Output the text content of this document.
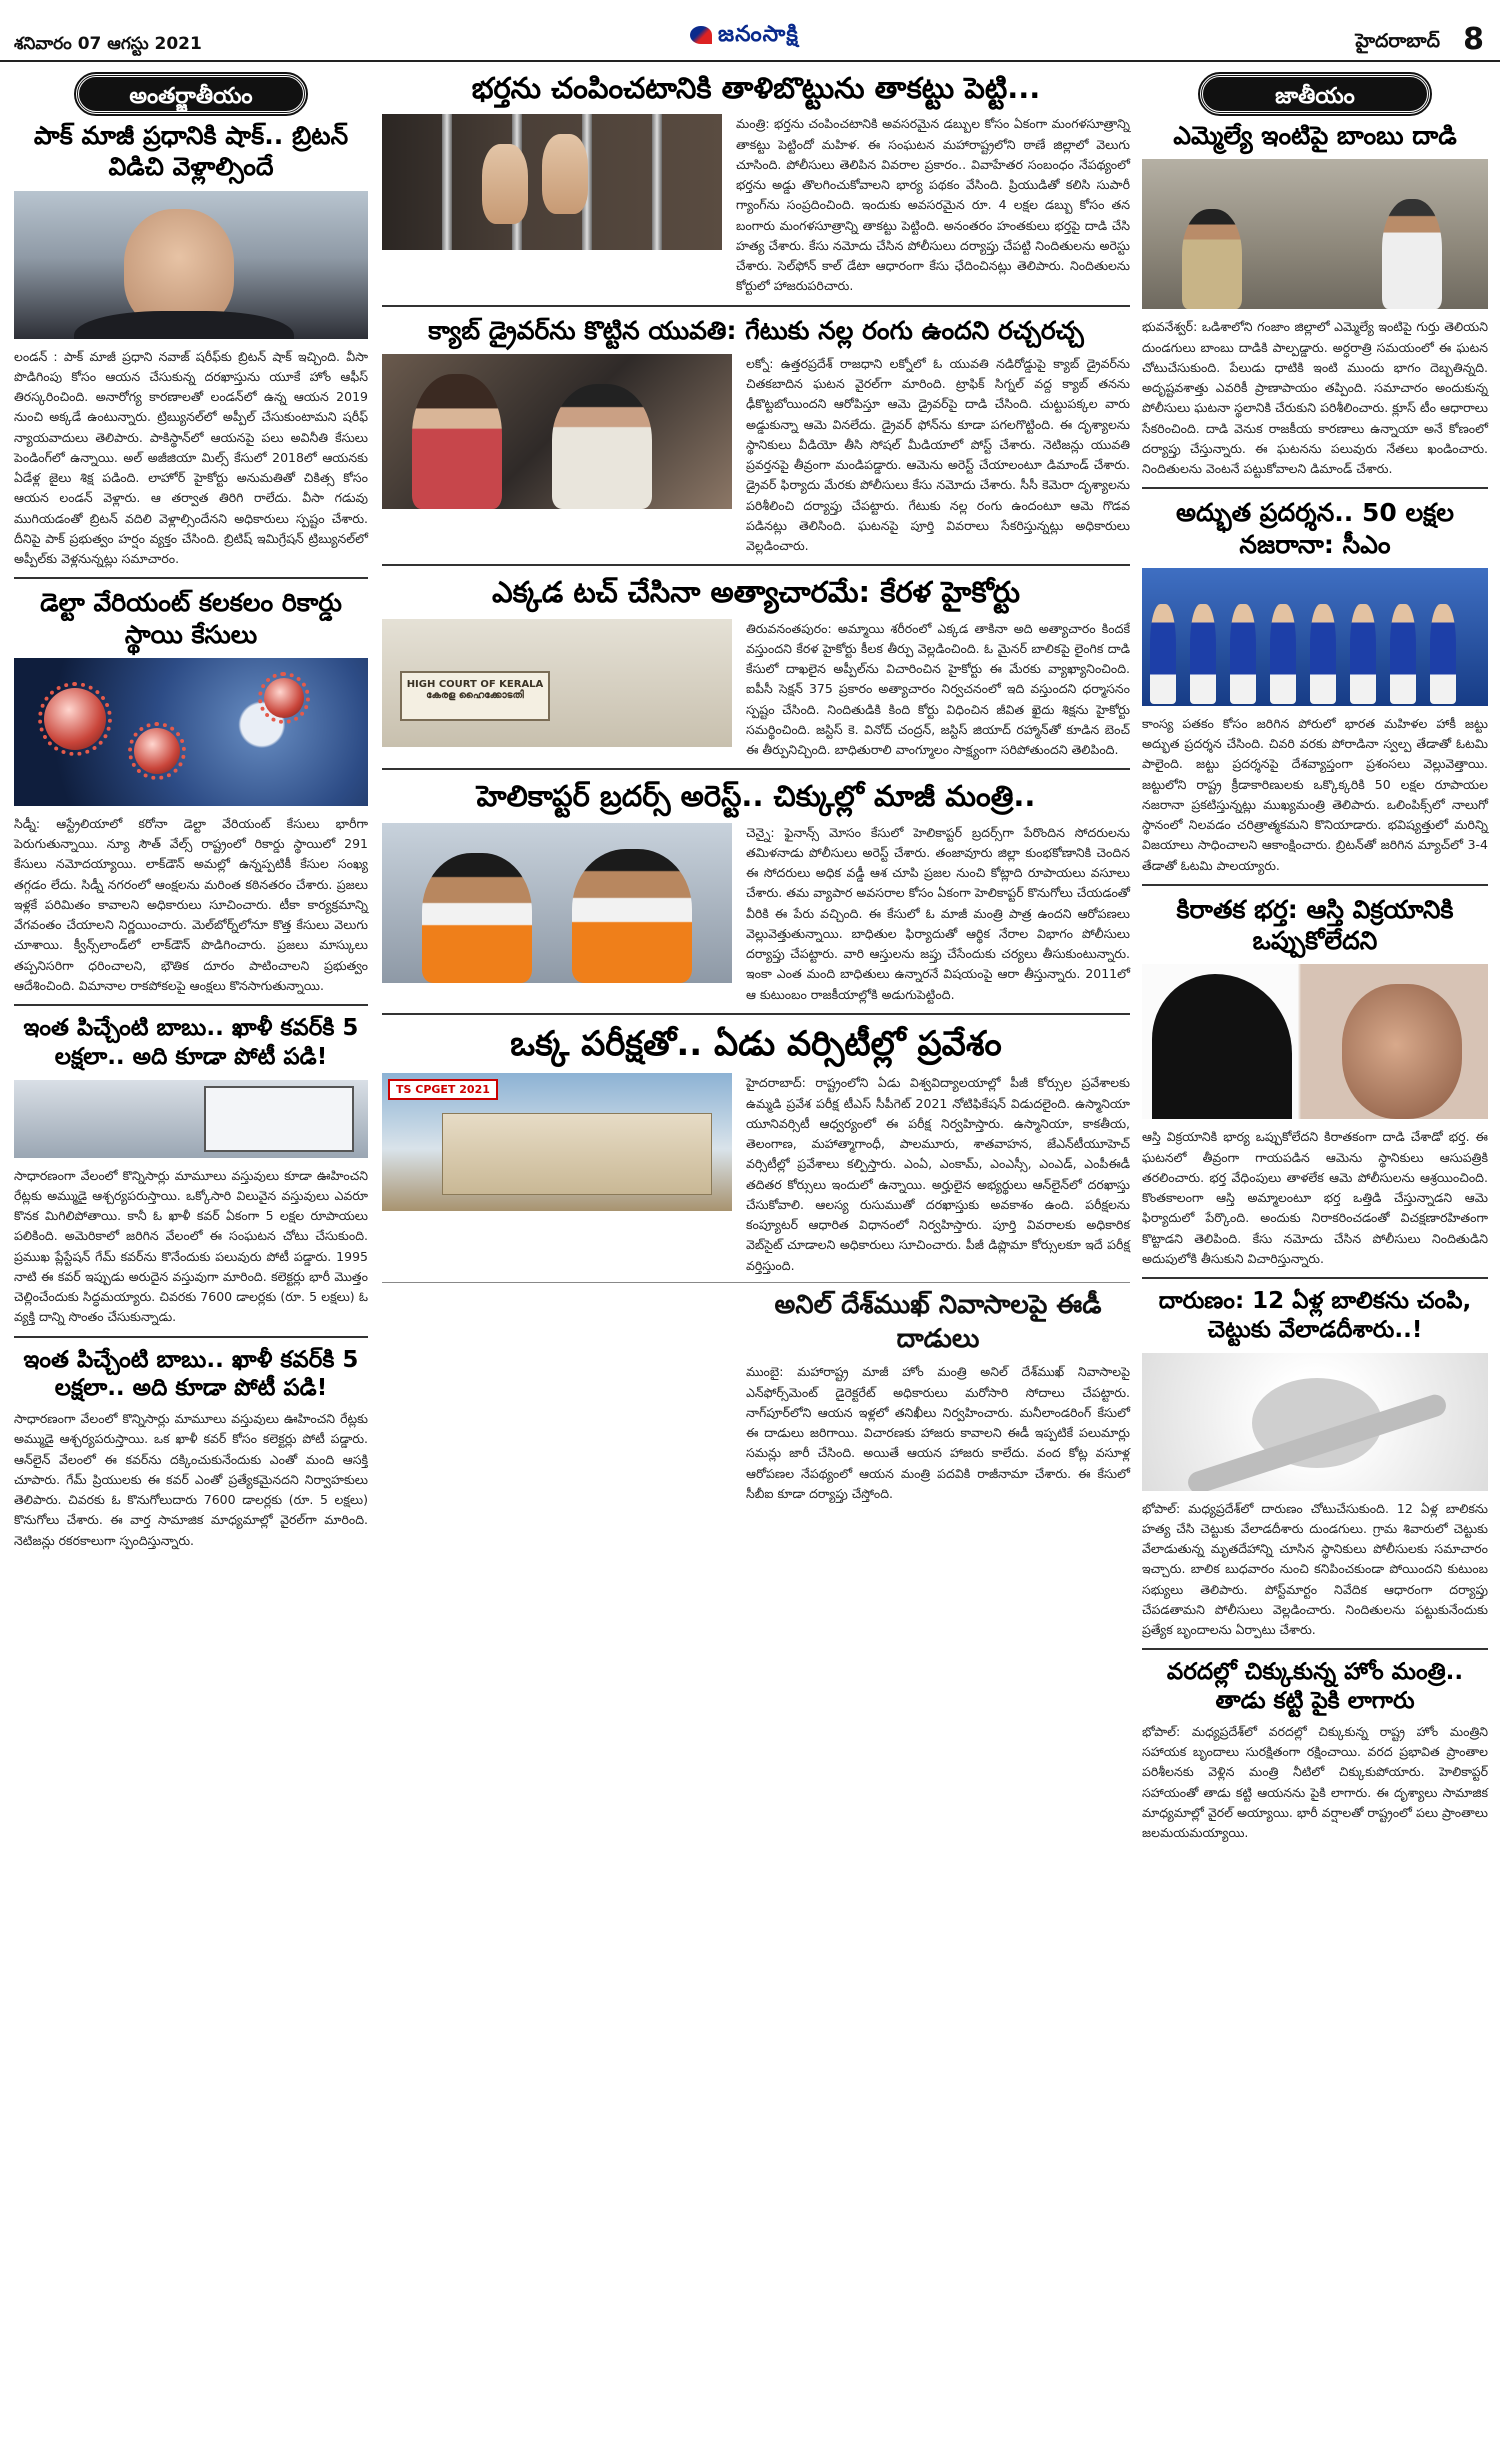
శనివారం 07 ఆగస్టు 2021	జనంసాక్షి	హైదరాబాద్ 8
అంతర్జాతీయం
పాక్ మాజీ ప్రధానికి షాక్.. బ్రిటన్ విడిచి వెళ్లాల్సిందే

లండన్ : పాక్ మాజీ ప్రధాని నవాజ్ షరీఫ్‌కు బ్రిటన్ షాక్ ఇచ్చింది. వీసా పొడిగింపు కోసం ఆయన చేసుకున్న దరఖాస్తును యూకే హోం ఆఫీస్ తిరస్కరించింది. అనారోగ్య కారణాలతో లండన్‌లో ఉన్న ఆయన 2019 నుంచి అక్కడే ఉంటున్నారు. ట్రిబ్యునల్‌లో అప్పీల్ చేసుకుంటామని షరీఫ్ న్యాయవాదులు తెలిపారు. పాకిస్థాన్‌లో ఆయనపై పలు అవినీతి కేసులు పెండింగ్‌లో ఉన్నాయి. అల్ అజీజియా మిల్స్ కేసులో 2018లో ఆయనకు ఏడేళ్ల జైలు శిక్ష పడింది. లాహోర్ హైకోర్టు అనుమతితో చికిత్స కోసం ఆయన లండన్ వెళ్లారు. ఆ తర్వాత తిరిగి రాలేదు. వీసా గడువు ముగియడంతో బ్రిటన్ వదిలి వెళ్లాల్సిందేనని అధికారులు స్పష్టం చేశారు. దీనిపై పాక్ ప్రభుత్వం హర్షం వ్యక్తం చేసింది. బ్రిటిష్ ఇమిగ్రేషన్ ట్రిబ్యునల్‌లో అప్పీల్‌కు వెళ్లనున్నట్లు సమాచారం.

డెల్టా వేరియంట్ కలకలం రికార్డు స్థాయి కేసులు

సిడ్నీ: ఆస్ట్రేలియాలో కరోనా డెల్టా వేరియంట్ కేసులు భారీగా పెరుగుతున్నాయి. న్యూ సౌత్ వేల్స్ రాష్ట్రంలో రికార్డు స్థాయిలో 291 కేసులు నమోదయ్యాయి. లాక్‌డౌన్ అమల్లో ఉన్నప్పటికీ కేసుల సంఖ్య తగ్గడం లేదు. సిడ్నీ నగరంలో ఆంక్షలను మరింత కఠినతరం చేశారు. ప్రజలు ఇళ్లకే పరిమితం కావాలని అధికారులు సూచించారు. టీకా కార్యక్రమాన్ని వేగవంతం చేయాలని నిర్ణయించారు. మెల్‌బోర్న్‌లోనూ కొత్త కేసులు వెలుగు చూశాయి. క్వీన్స్‌లాండ్‌లో లాక్‌డౌన్ పొడిగించారు. ప్రజలు మాస్కులు తప్పనిసరిగా ధరించాలని, భౌతిక దూరం పాటించాలని ప్రభుత్వం ఆదేశించింది. విమానాల రాకపోకలపై ఆంక్షలు కొనసాగుతున్నాయి.

ఇంత పిచ్చేంటి బాబు.. ఖాళీ కవర్‌కి 5 లక్షలా.. అది కూడా పోటీ పడి!

సాధారణంగా వేలంలో కొన్నిసార్లు మామూలు వస్తువులు కూడా ఊహించని రేట్లకు అమ్ముడై ఆశ్చర్యపరుస్తాయి. ఒక్కోసారి విలువైన వస్తువులు ఎవరూ కొనక మిగిలిపోతాయి. కానీ ఓ ఖాళీ కవర్ ఏకంగా 5 లక్షల రూపాయలు పలికింది. అమెరికాలో జరిగిన వేలంలో ఈ సంఘటన చోటు చేసుకుంది. ప్రముఖ ప్లేస్టేషన్ గేమ్ కవర్‌ను కొనేందుకు పలువురు పోటీ పడ్డారు. 1995 నాటి ఈ కవర్ ఇప్పుడు అరుదైన వస్తువుగా మారింది. కలెక్టర్లు భారీ మొత్తం చెల్లించేందుకు సిద్ధమయ్యారు. చివరకు 7600 డాలర్లకు (రూ. 5 లక్షలు) ఓ వ్యక్తి దాన్ని సొంతం చేసుకున్నాడు.

ఇంత పిచ్చేంటి బాబు.. ఖాళీ కవర్‌కి 5 లక్షలా.. అది కూడా పోటీ పడి!

సాధారణంగా వేలంలో కొన్నిసార్లు మామూలు వస్తువులు ఊహించని రేట్లకు అమ్ముడై ఆశ్చర్యపరుస్తాయి. ఒక ఖాళీ కవర్ కోసం కలెక్టర్లు పోటీ పడ్డారు. ఆన్‌లైన్ వేలంలో ఈ కవర్‌ను దక్కించుకునేందుకు ఎంతో మంది ఆసక్తి చూపారు. గేమ్ ప్రియులకు ఈ కవర్ ఎంతో ప్రత్యేకమైనదని నిర్వాహకులు తెలిపారు. చివరకు ఓ కొనుగోలుదారు 7600 డాలర్లకు (రూ. 5 లక్షలు) కొనుగోలు చేశారు. ఈ వార్త సామాజిక మాధ్యమాల్లో వైరల్‌గా మారింది. నెటిజన్లు రకరకాలుగా స్పందిస్తున్నారు.

భర్తను చంపించటానికి తాళిబొట్టును తాకట్టు పెట్టి...

మంత్రి: భర్తను చంపించటానికి అవసరమైన డబ్బుల కోసం ఏకంగా మంగళసూత్రాన్ని తాకట్టు పెట్టిందో మహిళ. ఈ సంఘటన మహారాష్ట్రలోని ఠాణే జిల్లాలో వెలుగు చూసింది. పోలీసులు తెలిపిన వివరాల ప్రకారం.. వివాహేతర సంబంధం నేపథ్యంలో భర్తను అడ్డు తొలగించుకోవాలని భార్య పథకం వేసింది. ప్రియుడితో కలిసి సుపారీ గ్యాంగ్‌ను సంప్రదించింది. ఇందుకు అవసరమైన రూ. 4 లక్షల డబ్బు కోసం తన బంగారు మంగళసూత్రాన్ని తాకట్టు పెట్టింది. అనంతరం హంతకులు భర్తపై దాడి చేసి హత్య చేశారు. కేసు నమోదు చేసిన పోలీసులు దర్యాప్తు చేపట్టి నిందితులను అరెస్టు చేశారు. సెల్‌ఫోన్ కాల్ డేటా ఆధారంగా కేసు ఛేదించినట్లు తెలిపారు. నిందితులను కోర్టులో హాజరుపరిచారు.

క్యాబ్ డ్రైవర్‌ను కొట్టిన యువతి: గేటుకు నల్ల రంగు ఉందని రచ్చరచ్చ

లక్నో: ఉత్తరప్రదేశ్ రాజధాని లక్నోలో ఓ యువతి నడిరోడ్డుపై క్యాబ్ డ్రైవర్‌ను చితకబాదిన ఘటన వైరల్‌గా మారింది. ట్రాఫిక్ సిగ్నల్ వద్ద క్యాబ్ తనను ఢీకొట్టబోయిందని ఆరోపిస్తూ ఆమె డ్రైవర్‌పై దాడి చేసింది. చుట్టుపక్కల వారు అడ్డుకున్నా ఆమె వినలేదు. డ్రైవర్ ఫోన్‌ను కూడా పగలగొట్టింది. ఈ దృశ్యాలను స్థానికులు వీడియో తీసి సోషల్ మీడియాలో పోస్ట్ చేశారు. నెటిజన్లు యువతి ప్రవర్తనపై తీవ్రంగా మండిపడ్డారు. ఆమెను అరెస్ట్ చేయాలంటూ డిమాండ్ చేశారు. డ్రైవర్ ఫిర్యాదు మేరకు పోలీసులు కేసు నమోదు చేశారు. సీసీ కెమెరా దృశ్యాలను పరిశీలించి దర్యాప్తు చేపట్టారు. గేటుకు నల్ల రంగు ఉందంటూ ఆమె గొడవ పడినట్లు తెలిసింది. ఘటనపై పూర్తి వివరాలు సేకరిస్తున్నట్లు అధికారులు వెల్లడించారు.

ఎక్కడ టచ్ చేసినా అత్యాచారమే: కేరళ హైకోర్టు
HIGH COURT OF KERALA
കേരള ഹൈക്കോടതി

తిరువనంతపురం: అమ్మాయి శరీరంలో ఎక్కడ తాకినా అది అత్యాచారం కిందకే వస్తుందని కేరళ హైకోర్టు కీలక తీర్పు వెల్లడించింది. ఓ మైనర్ బాలికపై లైంగిక దాడి కేసులో దాఖలైన అప్పీల్‌ను విచారించిన హైకోర్టు ఈ మేరకు వ్యాఖ్యానించింది. ఐపీసీ సెక్షన్ 375 ప్రకారం అత్యాచారం నిర్వచనంలో ఇది వస్తుందని ధర్మాసనం స్పష్టం చేసింది. నిందితుడికి కింది కోర్టు విధించిన జీవిత ఖైదు శిక్షను హైకోర్టు సమర్థించింది. జస్టిస్ కె. వినోద్ చంద్రన్, జస్టిస్ జియాద్ రహ్మాన్‌తో కూడిన బెంచ్ ఈ తీర్పునిచ్చింది. బాధితురాలి వాంగ్మూలం సాక్ష్యంగా సరిపోతుందని తెలిపింది.

హెలికాప్టర్ బ్రదర్స్ అరెస్ట్.. చిక్కుల్లో మాజీ మంత్రి..

చెన్నై: ఫైనాన్స్ మోసం కేసులో హెలికాప్టర్ బ్రదర్స్‌గా పేరొందిన సోదరులను తమిళనాడు పోలీసులు అరెస్ట్ చేశారు. తంజావూరు జిల్లా కుంభకోణానికి చెందిన ఈ సోదరులు అధిక వడ్డీ ఆశ చూపి ప్రజల నుంచి కోట్లాది రూపాయలు వసూలు చేశారు. తమ వ్యాపార అవసరాల కోసం ఏకంగా హెలికాప్టర్ కొనుగోలు చేయడంతో వీరికి ఈ పేరు వచ్చింది. ఈ కేసులో ఓ మాజీ మంత్రి పాత్ర ఉందని ఆరోపణలు వెల్లువెత్తుతున్నాయి. బాధితుల ఫిర్యాదుతో ఆర్థిక నేరాల విభాగం పోలీసులు దర్యాప్తు చేపట్టారు. వారి ఆస్తులను జప్తు చేసేందుకు చర్యలు తీసుకుంటున్నారు. ఇంకా ఎంత మంది బాధితులు ఉన్నారనే విషయంపై ఆరా తీస్తున్నారు. 2011లో ఆ కుటుంబం రాజకీయాల్లోకి అడుగుపెట్టింది.

ఒక్క పరీక్షతో.. ఏడు వర్సిటీల్లో ప్రవేశం
TS CPGET 2021	హైదరాబాద్: రాష్ట్రంలోని ఏడు విశ్వవిద్యాలయాల్లో పీజీ కోర్సుల ప్రవేశాలకు ఉమ్మడి ప్రవేశ పరీక్ష టీఎస్ సీపీగెట్ 2021 నోటిఫికేషన్ విడుదలైంది. ఉస్మానియా యూనివర్సిటీ ఆధ్వర్యంలో ఈ పరీక్ష నిర్వహిస్తారు. ఉస్మానియా, కాకతీయ, తెలంగాణ, మహాత్మాగాంధీ, పాలమూరు, శాతవాహన, జేఎన్‌టీయూహెచ్ వర్సిటీల్లో ప్రవేశాలు కల్పిస్తారు. ఎంఏ, ఎంకామ్, ఎంఎస్సీ, ఎంఎడ్, ఎంపీఈడీ తదితర కోర్సులు ఇందులో ఉన్నాయి. అర్హులైన అభ్యర్థులు ఆన్‌లైన్‌లో దరఖాస్తు చేసుకోవాలి. ఆలస్య రుసుముతో దరఖాస్తుకు అవకాశం ఉంది. పరీక్షలను కంప్యూటర్ ఆధారిత విధానంలో నిర్వహిస్తారు. పూర్తి వివరాలకు అధికారిక వెబ్‌సైట్ చూడాలని అధికారులు సూచించారు. పీజీ డిప్లొమా కోర్సులకూ ఇదే పరీక్ష వర్తిస్తుంది.

అనిల్ దేశ్‌ముఖ్ నివాసాలపై ఈడీ దాడులు

ముంబై: మహారాష్ట్ర మాజీ హోం మంత్రి అనిల్ దేశ్‌ముఖ్ నివాసాలపై ఎన్‌ఫోర్స్‌మెంట్ డైరెక్టరేట్ అధికారులు మరోసారి సోదాలు చేపట్టారు. నాగ్‌పూర్‌లోని ఆయన ఇళ్లలో తనిఖీలు నిర్వహించారు. మనీలాండరింగ్ కేసులో ఈ దాడులు జరిగాయి. విచారణకు హాజరు కావాలని ఈడీ ఇప్పటికే పలుమార్లు సమన్లు జారీ చేసింది. అయితే ఆయన హాజరు కాలేదు. వంద కోట్ల వసూళ్ల ఆరోపణల నేపథ్యంలో ఆయన మంత్రి పదవికి రాజీనామా చేశారు. ఈ కేసులో సీబీఐ కూడా దర్యాప్తు చేస్తోంది.

జాతీయం
ఎమ్మెల్యే ఇంటిపై బాంబు దాడి

భువనేశ్వర్: ఒడిశాలోని గంజాం జిల్లాలో ఎమ్మెల్యే ఇంటిపై గుర్తు తెలియని దుండగులు బాంబు దాడికి పాల్పడ్డారు. అర్ధరాత్రి సమయంలో ఈ ఘటన చోటుచేసుకుంది. పేలుడు ధాటికి ఇంటి ముందు భాగం దెబ్బతిన్నది. అదృష్టవశాత్తు ఎవరికీ ప్రాణాపాయం తప్పింది. సమాచారం అందుకున్న పోలీసులు ఘటనా స్థలానికి చేరుకుని పరిశీలించారు. క్లూస్ టీం ఆధారాలు సేకరించింది. దాడి వెనుక రాజకీయ కారణాలు ఉన్నాయా అనే కోణంలో దర్యాప్తు చేస్తున్నారు. ఈ ఘటనను పలువురు నేతలు ఖండించారు. నిందితులను వెంటనే పట్టుకోవాలని డిమాండ్ చేశారు.

అద్భుత ప్రదర్శన.. 50 లక్షల నజరానా: సీఎం

కాంస్య పతకం కోసం జరిగిన పోరులో భారత మహిళల హాకీ జట్టు అద్భుత ప్రదర్శన చేసింది. చివరి వరకు పోరాడినా స్వల్ప తేడాతో ఓటమి పాలైంది. జట్టు ప్రదర్శనపై దేశవ్యాప్తంగా ప్రశంసలు వెల్లువెత్తాయి. జట్టులోని రాష్ట్ర క్రీడాకారిణులకు ఒక్కొక్కరికి 50 లక్షల రూపాయల నజరానా ప్రకటిస్తున్నట్లు ముఖ్యమంత్రి తెలిపారు. ఒలింపిక్స్‌లో నాలుగో స్థానంలో నిలవడం చరిత్రాత్మకమని కొనియాడారు. భవిష్యత్తులో మరిన్ని విజయాలు సాధించాలని ఆకాంక్షించారు. బ్రిటన్‌తో జరిగిన మ్యాచ్‌లో 3-4 తేడాతో ఓటమి పాలయ్యారు.

కిరాతక భర్త: ఆస్తి విక్రయానికి ఒప్పుకోలేదని

ఆస్తి విక్రయానికి భార్య ఒప్పుకోలేదని కిరాతకంగా దాడి చేశాడో భర్త. ఈ ఘటనలో తీవ్రంగా గాయపడిన ఆమెను స్థానికులు ఆసుపత్రికి తరలించారు. భర్త వేధింపులు తాళలేక ఆమె పోలీసులను ఆశ్రయించింది. కొంతకాలంగా ఆస్తి అమ్మాలంటూ భర్త ఒత్తిడి చేస్తున్నాడని ఆమె ఫిర్యాదులో పేర్కొంది. అందుకు నిరాకరించడంతో విచక్షణారహితంగా కొట్టాడని తెలిపింది. కేసు నమోదు చేసిన పోలీసులు నిందితుడిని అదుపులోకి తీసుకుని విచారిస్తున్నారు.

దారుణం: 12 ఏళ్ల బాలికను చంపి, చెట్టుకు వేలాడదీశారు..!

భోపాల్: మధ్యప్రదేశ్‌లో దారుణం చోటుచేసుకుంది. 12 ఏళ్ల బాలికను హత్య చేసి చెట్టుకు వేలాడదీశారు దుండగులు. గ్రామ శివారులో చెట్టుకు వేలాడుతున్న మృతదేహాన్ని చూసిన స్థానికులు పోలీసులకు సమాచారం ఇచ్చారు. బాలిక బుధవారం నుంచి కనిపించకుండా పోయిందని కుటుంబ సభ్యులు తెలిపారు. పోస్ట్‌మార్టం నివేదిక ఆధారంగా దర్యాప్తు చేపడతామని పోలీసులు వెల్లడించారు. నిందితులను పట్టుకునేందుకు ప్రత్యేక బృందాలను ఏర్పాటు చేశారు.

వరదల్లో చిక్కుకున్న హోం మంత్రి.. తాడు కట్టి పైకి లాగారు

భోపాల్: మధ్యప్రదేశ్‌లో వరదల్లో చిక్కుకున్న రాష్ట్ర హోం మంత్రిని సహాయక బృందాలు సురక్షితంగా రక్షించాయి. వరద ప్రభావిత ప్రాంతాల పరిశీలనకు వెళ్లిన మంత్రి నీటిలో చిక్కుకుపోయారు. హెలికాప్టర్ సహాయంతో తాడు కట్టి ఆయనను పైకి లాగారు. ఈ దృశ్యాలు సామాజిక మాధ్యమాల్లో వైరల్ అయ్యాయి. భారీ వర్షాలతో రాష్ట్రంలో పలు ప్రాంతాలు జలమయమయ్యాయి.
